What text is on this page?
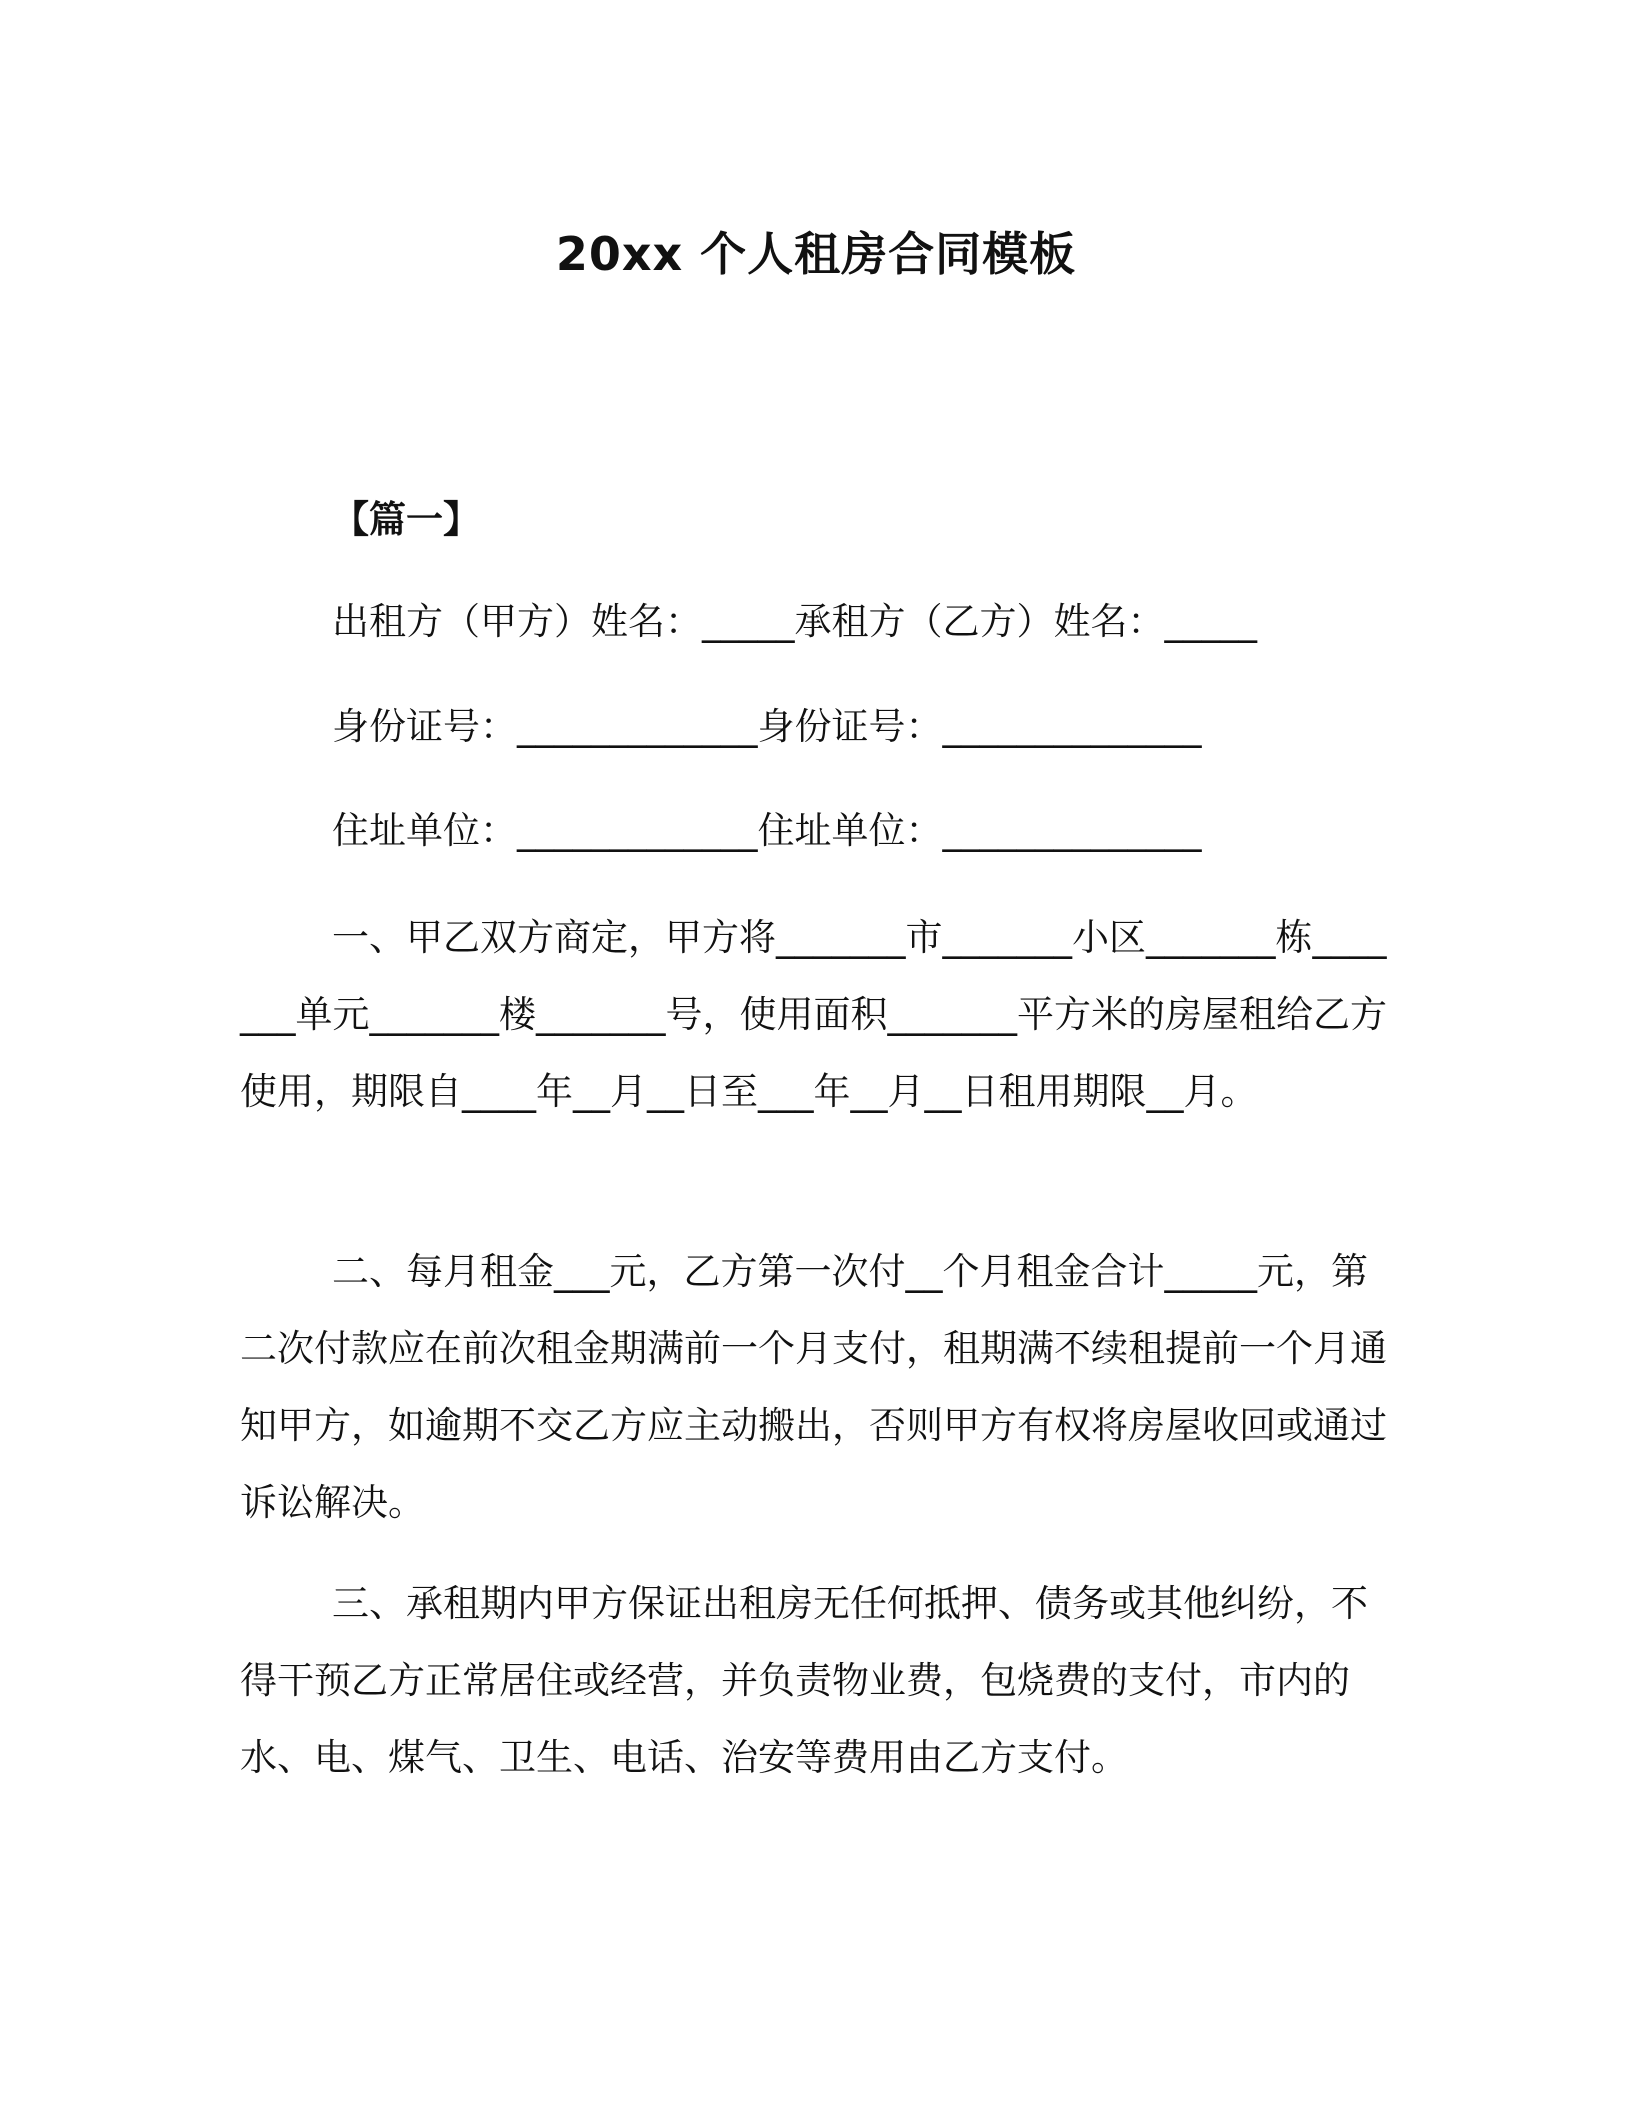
20xx 个人租房合同模板
【篇一】
出租方（甲方）姓名：_____承租方（乙方）姓名：_____
身份证号：_____________身份证号：______________
住址单位：_____________住址单位：______________
一、甲乙双方商定，甲方将_______市_______小区_______栋_______单元_______楼_______号，使用面积_______平方米的房屋租给乙方使用，期限自____年__月__日至___年__月__日租用期限__月。
二、每月租金___元，乙方第一次付__个月租金合计_____元，第二次付款应在前次租金期满前一个月支付，租期满不续租提前一个月通知甲方，如逾期不交乙方应主动搬出，否则甲方有权将房屋收回或通过诉讼解决。
三、承租期内甲方保证出租房无任何抵押、债务或其他纠纷，不得干预乙方正常居住或经营，并负责物业费，包烧费的支付，市内的水、电、煤气、卫生、电话、治安等费用由乙方支付。
